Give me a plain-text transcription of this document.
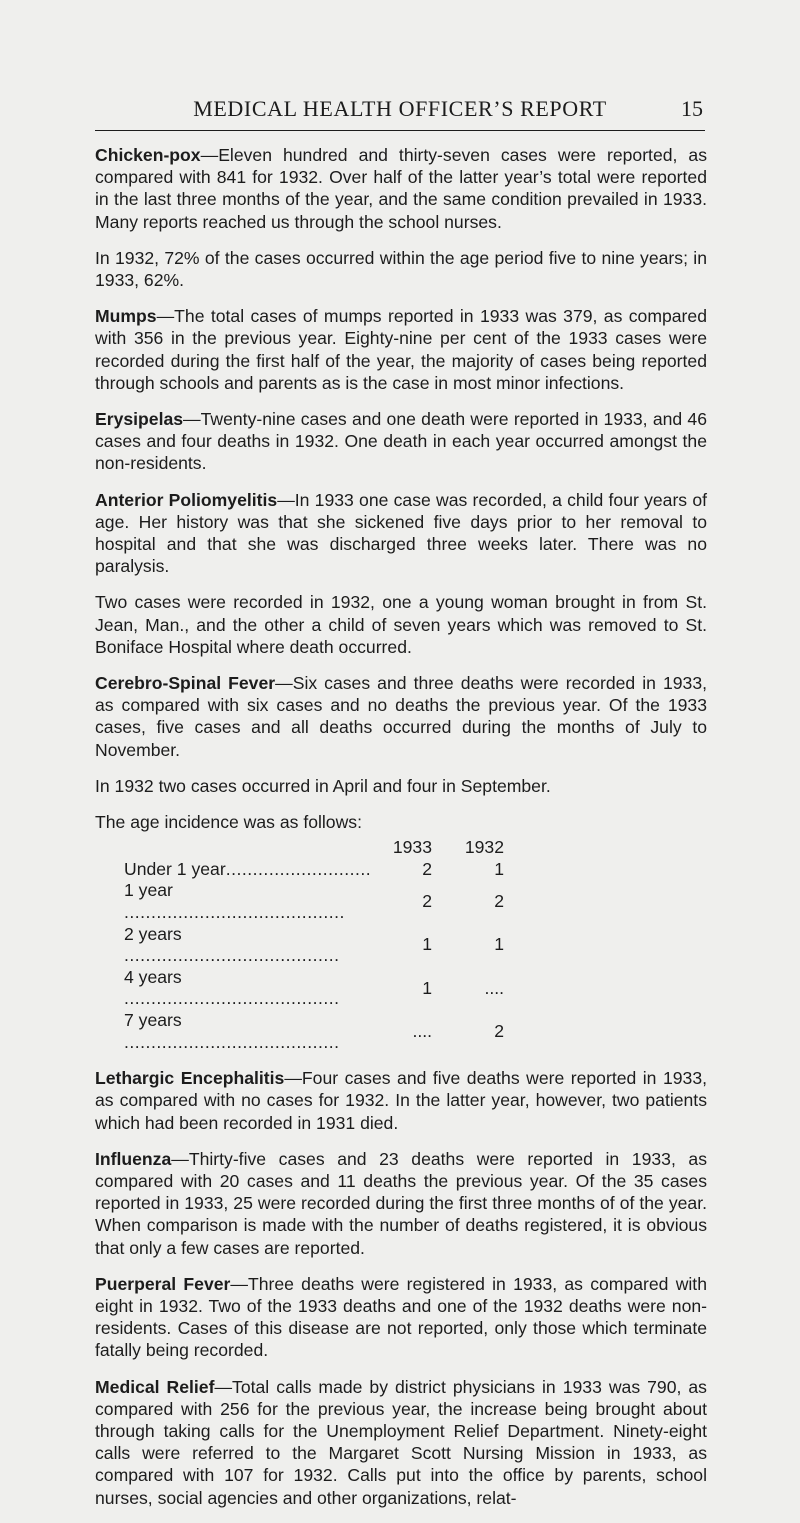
MEDICAL HEALTH OFFICER’S REPORT	15

Chicken-pox—Eleven hundred and thirty-seven cases were reported, as compared with 841 for 1932. Over half of the latter year’s total were reported in the last three months of the year, and the same condition prevailed in 1933. Many reports reached us through the school nurses.

In 1932, 72% of the cases occurred within the age period five to nine years; in 1933, 62%.

Mumps—The total cases of mumps reported in 1933 was 379, as compared with 356 in the previous year. Eighty-nine per cent of the 1933 cases were recorded during the first half of the year, the majority of cases being reported through schools and parents as is the case in most minor infections.

Erysipelas—Twenty-nine cases and one death were reported in 1933, and 46 cases and four deaths in 1932. One death in each year occurred amongst the non-residents.

Anterior Poliomyelitis—In 1933 one case was recorded, a child four years of age. Her history was that she sickened five days prior to her removal to hospital and that she was discharged three weeks later. There was no paralysis.

Two cases were recorded in 1932, one a young woman brought in from St. Jean, Man., and the other a child of seven years which was removed to St. Boniface Hospital where death occurred.

Cerebro-Spinal Fever—Six cases and three deaths were recorded in 1933, as compared with six cases and no deaths the previous year. Of the 1933 cases, five cases and all deaths occurred during the months of July to November.

In 1932 two cases occurred in April and four in September.

The age incidence was as follows:

	1933	1932
Under 1 year...........................	2	1
1 year .........................................	2	2
2 years ........................................	1	1
4 years ........................................	1	....
7 years ........................................	....	2

Lethargic Encephalitis—Four cases and five deaths were reported in 1933, as compared with no cases for 1932. In the latter year, however, two patients which had been recorded in 1931 died.

Influenza—Thirty-five cases and 23 deaths were reported in 1933, as compared with 20 cases and 11 deaths the previous year. Of the 35 cases reported in 1933, 25 were recorded during the first three months of of the year. When comparison is made with the number of deaths registered, it is obvious that only a few cases are reported.

Puerperal Fever—Three deaths were registered in 1933, as compared with eight in 1932. Two of the 1933 deaths and one of the 1932 deaths were non-residents. Cases of this disease are not reported, only those which terminate fatally being recorded.

Medical Relief—Total calls made by district physicians in 1933 was 790, as compared with 256 for the previous year, the increase being brought about through taking calls for the Unemployment Relief Department. Ninety-eight calls were referred to the Margaret Scott Nursing Mission in 1933, as compared with 107 for 1932. Calls put into the office by parents, school nurses, social agencies and other organizations, relat-
